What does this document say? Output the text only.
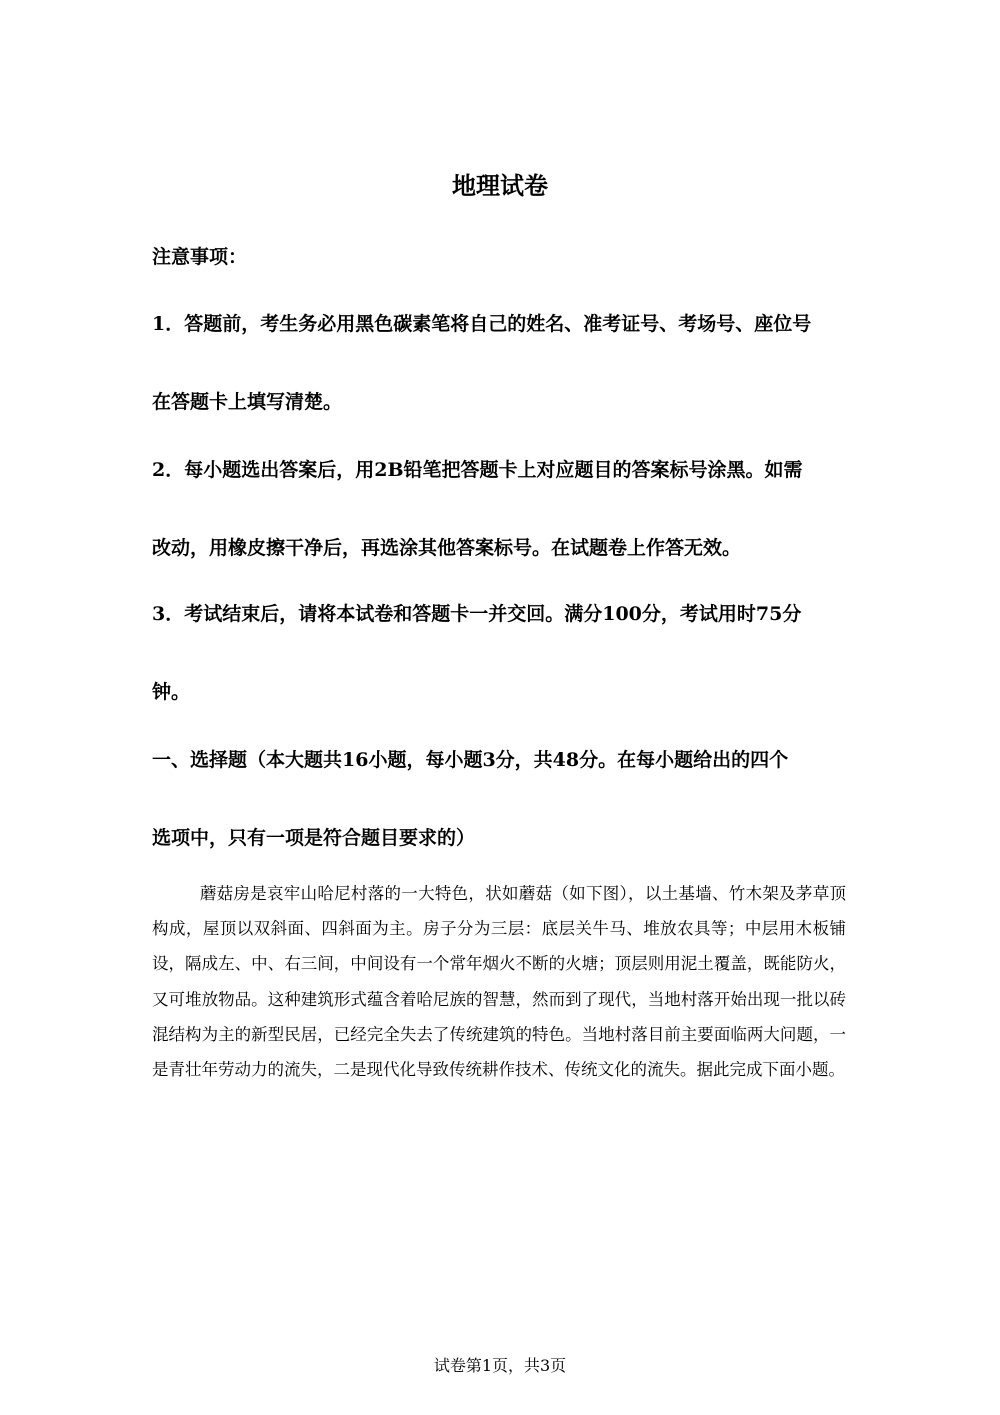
地理试卷
注意事项：
1．答题前，考生务必用黑色碳素笔将自己的姓名、准考证号、考场号、座位号
在答题卡上填写清楚。
2．每小题选出答案后，用2B铅笔把答题卡上对应题目的答案标号涂黑。如需
改动，用橡皮擦干净后，再选涂其他答案标号。在试题卷上作答无效。
3．考试结束后，请将本试卷和答题卡一并交回。满分100分，考试用时75分
钟。
一、选择题（本大题共16小题，每小题3分，共48分。在每小题给出的四个
选项中，只有一项是符合题目要求的）

蘑菇房是哀牢山哈尼村落的一大特色，状如蘑菇（如下图），以土基墙、竹木架及茅草顶构成，屋顶以双斜面、四斜面为主。房子分为三层：底层关牛马、堆放农具等；中层用木板铺设，隔成左、中、右三间，中间设有一个常年烟火不断的火塘；顶层则用泥土覆盖，既能防火，又可堆放物品。这种建筑形式蕴含着哈尼族的智慧，然而到了现代，当地村落开始出现一批以砖混结构为主的新型民居，已经完全失去了传统建筑的特色。当地村落目前主要面临两大问题，一是青壮年劳动力的流失，二是现代化导致传统耕作技术、传统文化的流失。据此完成下面小题。

试卷第1页，共3页
